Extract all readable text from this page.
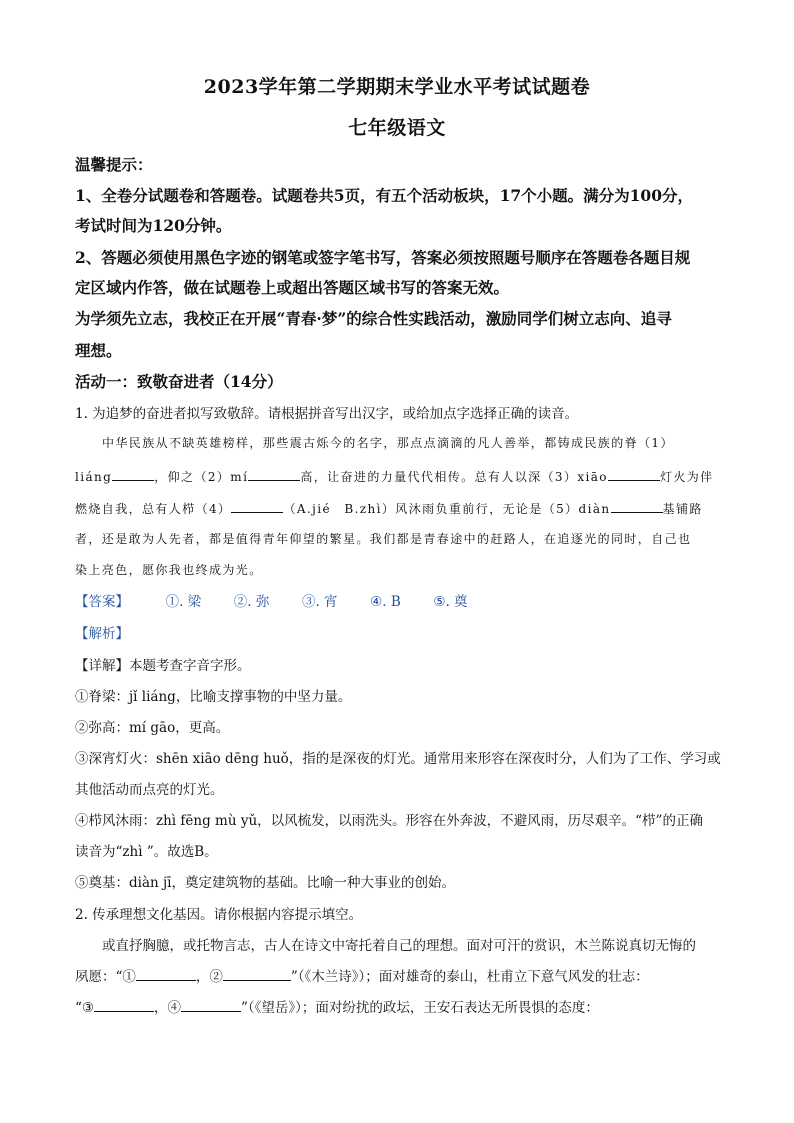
2023学年第二学期期末学业水平考试试题卷
七年级语文
温馨提示：
1、全卷分试题卷和答题卷。试题卷共5页，有五个活动板块，17个小题。满分为100分，
考试时间为120分钟。
2、答题必须使用黑色字迹的钢笔或签字笔书写，答案必须按照题号顺序在答题卷各题目规
定区域内作答，做在试题卷上或超出答题区域书写的答案无效。
为学须先立志，我校正在开展“青春·梦”的综合性实践活动，激励同学们树立志向、追寻
理想。
活动一：致敬奋进者（14分）
1. 为追梦的奋进者拟写致敬辞。请根据拼音写出汉字，或给加点字选择正确的读音。
中华民族从不缺英雄榜样，那些震古烁今的名字，那点点滴滴的凡人善举，都铸成民族的脊（1）
liáng	，仰之（2）mí	高，让奋进的力量代代相传。总有人以深（3）xiāo	灯火为伴
燃烧自我，总有人栉（4）	（A.jié　B.zhì）风沐雨负重前行，无论是（5）diàn	基铺路
者，还是敢为人先者，都是值得青年仰望的繁星。我们都是青春途中的赶路人，在追逐光的同时，自己也
染上亮色，愿你我也终成为光。
【答案】	①. 梁 ②. 弥 ③. 宵 ④. B ⑤. 奠
【解析】
【详解】本题考查字音字形。
①脊梁：jǐ liáng，比喻支撑事物的中坚力量。
②弥高：mí gāo，更高。
③深宵灯火：shēn xiāo dēng huǒ，指的是深夜的灯光。通常用来形容在深夜时分，人们为了工作、学习或
其他活动而点亮的灯光。
④栉风沐雨：zhì fēng mù yǔ，以风梳发，以雨洗头。形容在外奔波，不避风雨，历尽艰辛。“栉”的正确
读音为“zhì ”。故选B。
⑤奠基：diàn jī，奠定建筑物的基础。比喻一种大事业的创始。
2. 传承理想文化基因。请你根据内容提示填空。
或直抒胸臆，或托物言志，古人在诗文中寄托着自己的理想。面对可汗的赏识，木兰陈说真切无悔的
夙愿：“①	，②	”（《木兰诗》）；面对雄奇的泰山，杜甫立下意气风发的壮志：
“③	，④	”（《望岳》）；面对纷扰的政坛，王安石表达无所畏惧的态度：
